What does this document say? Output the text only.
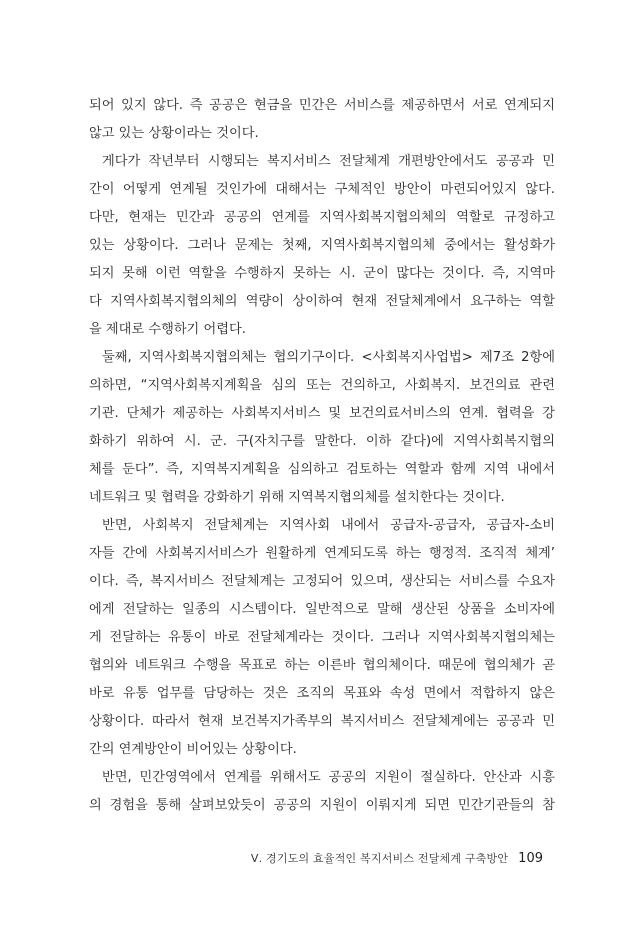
되어 있지 않다. 즉 공공은 현금을 민간은 서비스를 제공하면서 서로 연계되지
않고 있는 상황이라는 것이다.
게다가 작년부터 시행되는 복지서비스 전달체계 개편방안에서도 공공과 민
간이 어떻게 연계될 것인가에 대해서는 구체적인 방안이 마련되어있지 않다.
다만, 현재는 민간과 공공의 연계를 지역사회복지협의체의 역할로 규정하고
있는 상황이다. 그러나 문제는 첫째, 지역사회복지협의체 중에서는 활성화가
되지 못해 이런 역할을 수행하지 못하는 시. 군이 많다는 것이다. 즉, 지역마
다 지역사회복지협의체의 역량이 상이하여 현재 전달체계에서 요구하는 역할
을 제대로 수행하기 어렵다.
둘째, 지역사회복지협의체는 협의기구이다. <사회복지사업법> 제7조 2항에
의하면, “지역사회복지계획을 심의 또는 건의하고, 사회복지. 보건의료 관련
기관. 단체가 제공하는 사회복지서비스 및 보건의료서비스의 연계. 협력을 강
화하기 위하여 시. 군. 구(자치구를 말한다. 이하 같다)에 지역사회복지협의
체를 둔다”. 즉, 지역복지계획을 심의하고 검토하는 역할과 함께 지역 내에서
네트워크 및 협력을 강화하기 위해 지역복지협의체를 설치한다는 것이다.
반면, 사회복지 전달체계는 지역사회 내에서 공급자-공급자, 공급자-소비
자들 간에 사회복지서비스가 원활하게 연계되도록 하는 행정적. 조직적 체계’
이다. 즉, 복지서비스 전달체계는 고정되어 있으며, 생산되는 서비스를 수요자
에게 전달하는 일종의 시스템이다. 일반적으로 말해 생산된 상품을 소비자에
게 전달하는 유통이 바로 전달체계라는 것이다. 그러나 지역사회복지협의체는
협의와 네트워크 수행을 목표로 하는 이른바 협의체이다. 때문에 협의체가 곧
바로 유통 업무를 담당하는 것은 조직의 목표와 속성 면에서 적합하지 않은
상황이다. 따라서 현재 보건복지가족부의 복지서비스 전달체계에는 공공과 민
간의 연계방안이 비어있는 상황이다.
반면, 민간영역에서 연계를 위해서도 공공의 지원이 절실하다. 안산과 시흥
의 경험을 통해 살펴보았듯이 공공의 지원이 이뤄지게 되면 민간기관들의 참
Ⅴ. 경기도의 효율적인 복지서비스 전달체계 구축방안 109
